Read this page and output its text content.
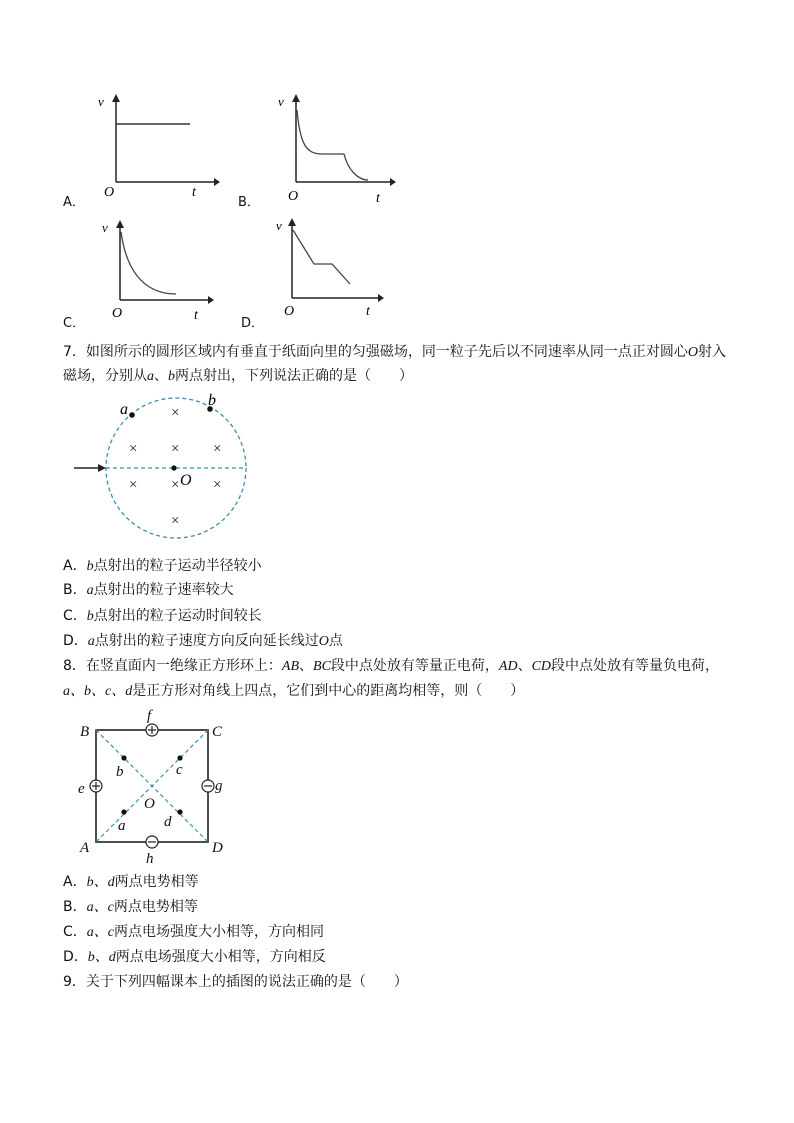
v
O	t
A．
v
O	t
B．
v
O	t
C．
v
O	t
D．
7．如图所示的圆形区域内有垂直于纸面向里的匀强磁场，同一粒子先后以不同速率从同一点正对圆心O射入
磁场，分别从a、b两点射出，下列说法正确的是（　　）
×
× × ×
× × ×
×
O
a
b
A．b点射出的粒子运动半径较小
B．a点射出的粒子速率较大
C．b点射出的粒子运动时间较长
D．a点射出的粒子速度方向反向延长线过O点
8．在竖直面内一绝缘正方形环上：AB、BC段中点处放有等量正电荷，AD、CD段中点处放有等量负电荷，
a、b、c、d是正方形对角线上四点，它们到中心的距离均相等，则（　　）
B	C
A	D
f
e	g
h
b	c
a	d
O
A．b、d两点电势相等
B．a、c两点电势相等
C．a、c两点电场强度大小相等，方向相同
D．b、d两点电场强度大小相等，方向相反
9．关于下列四幅课本上的插图的说法正确的是（　　）
